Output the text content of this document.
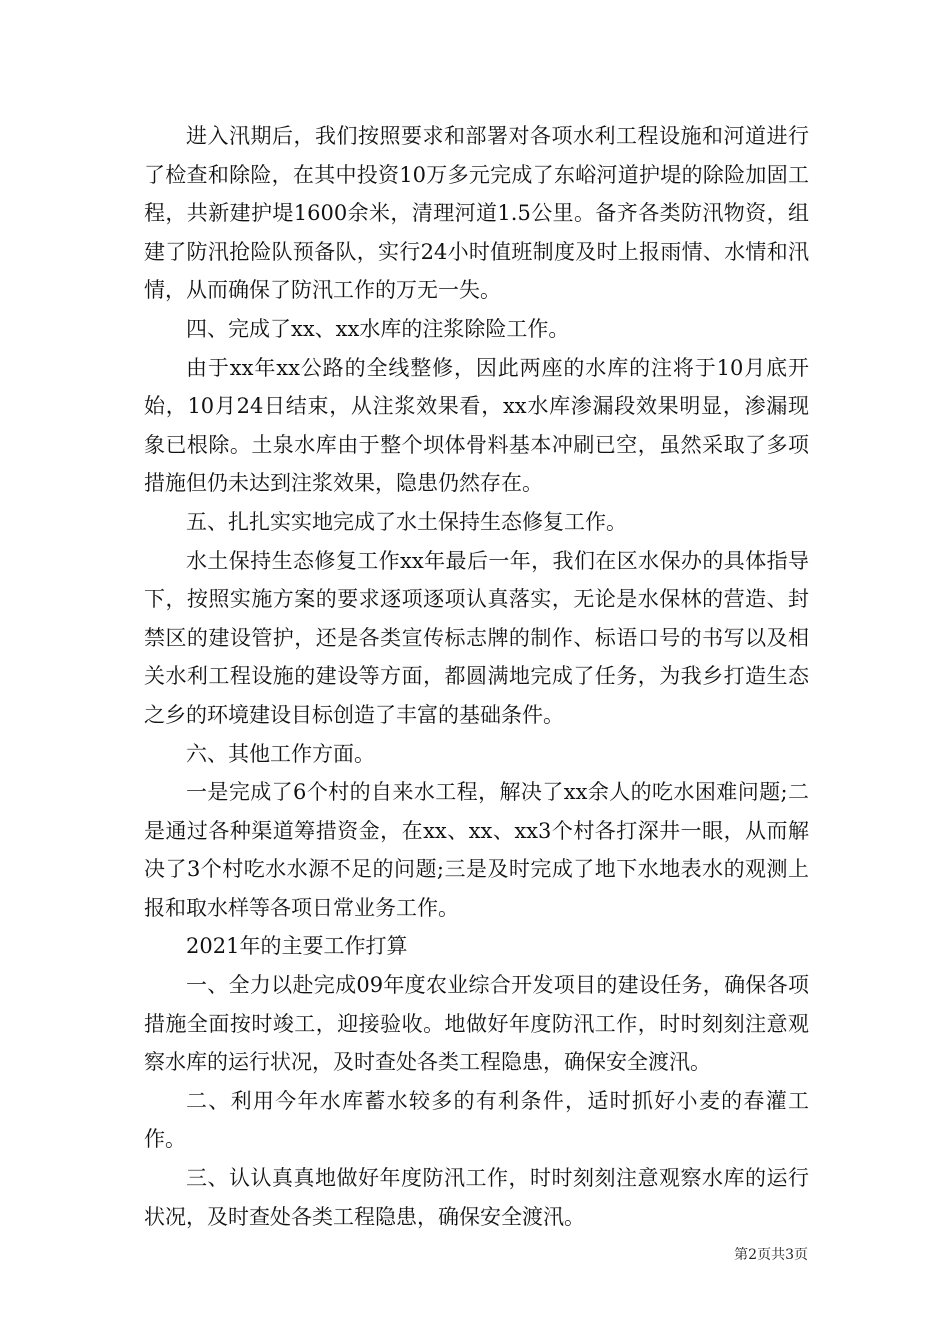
进入汛期后，我们按照要求和部署对各项水利工程设施和河道进行了检查和除险，在其中投资10万多元完成了东峪河道护堤的除险加固工程，共新建护堤1600余米，清理河道1.5公里。备齐各类防汛物资，组建了防汛抢险队预备队，实行24小时值班制度及时上报雨情、水情和汛情，从而确保了防汛工作的万无一失。

四、完成了xx、xx水库的注浆除险工作。

由于xx年xx公路的全线整修，因此两座的水库的注将于10月底开始，10月24日结束，从注浆效果看，xx水库渗漏段效果明显，渗漏现象已根除。土泉水库由于整个坝体骨料基本冲刷已空，虽然采取了多项措施但仍未达到注浆效果，隐患仍然存在。

五、扎扎实实地完成了水土保持生态修复工作。

水土保持生态修复工作xx年最后一年，我们在区水保办的具体指导下，按照实施方案的要求逐项逐项认真落实，无论是水保林的营造、封禁区的建设管护，还是各类宣传标志牌的制作、标语口号的书写以及相关水利工程设施的建设等方面，都圆满地完成了任务，为我乡打造生态之乡的环境建设目标创造了丰富的基础条件。

六、其他工作方面。

一是完成了6个村的自来水工程，解决了xx余人的吃水困难问题;二是通过各种渠道筹措资金，在xx、xx、xx3个村各打深井一眼，从而解决了3个村吃水水源不足的问题;三是及时完成了地下水地表水的观测上报和取水样等各项日常业务工作。

2021年的主要工作打算

一、全力以赴完成09年度农业综合开发项目的建设任务，确保各项措施全面按时竣工，迎接验收。地做好年度防汛工作，时时刻刻注意观察水库的运行状况，及时查处各类工程隐患，确保安全渡汛。

二、利用今年水库蓄水较多的有利条件，适时抓好小麦的春灌工作。

三、认认真真地做好年度防汛工作，时时刻刻注意观察水库的运行状况，及时查处各类工程隐患，确保安全渡汛。

第2页共3页
